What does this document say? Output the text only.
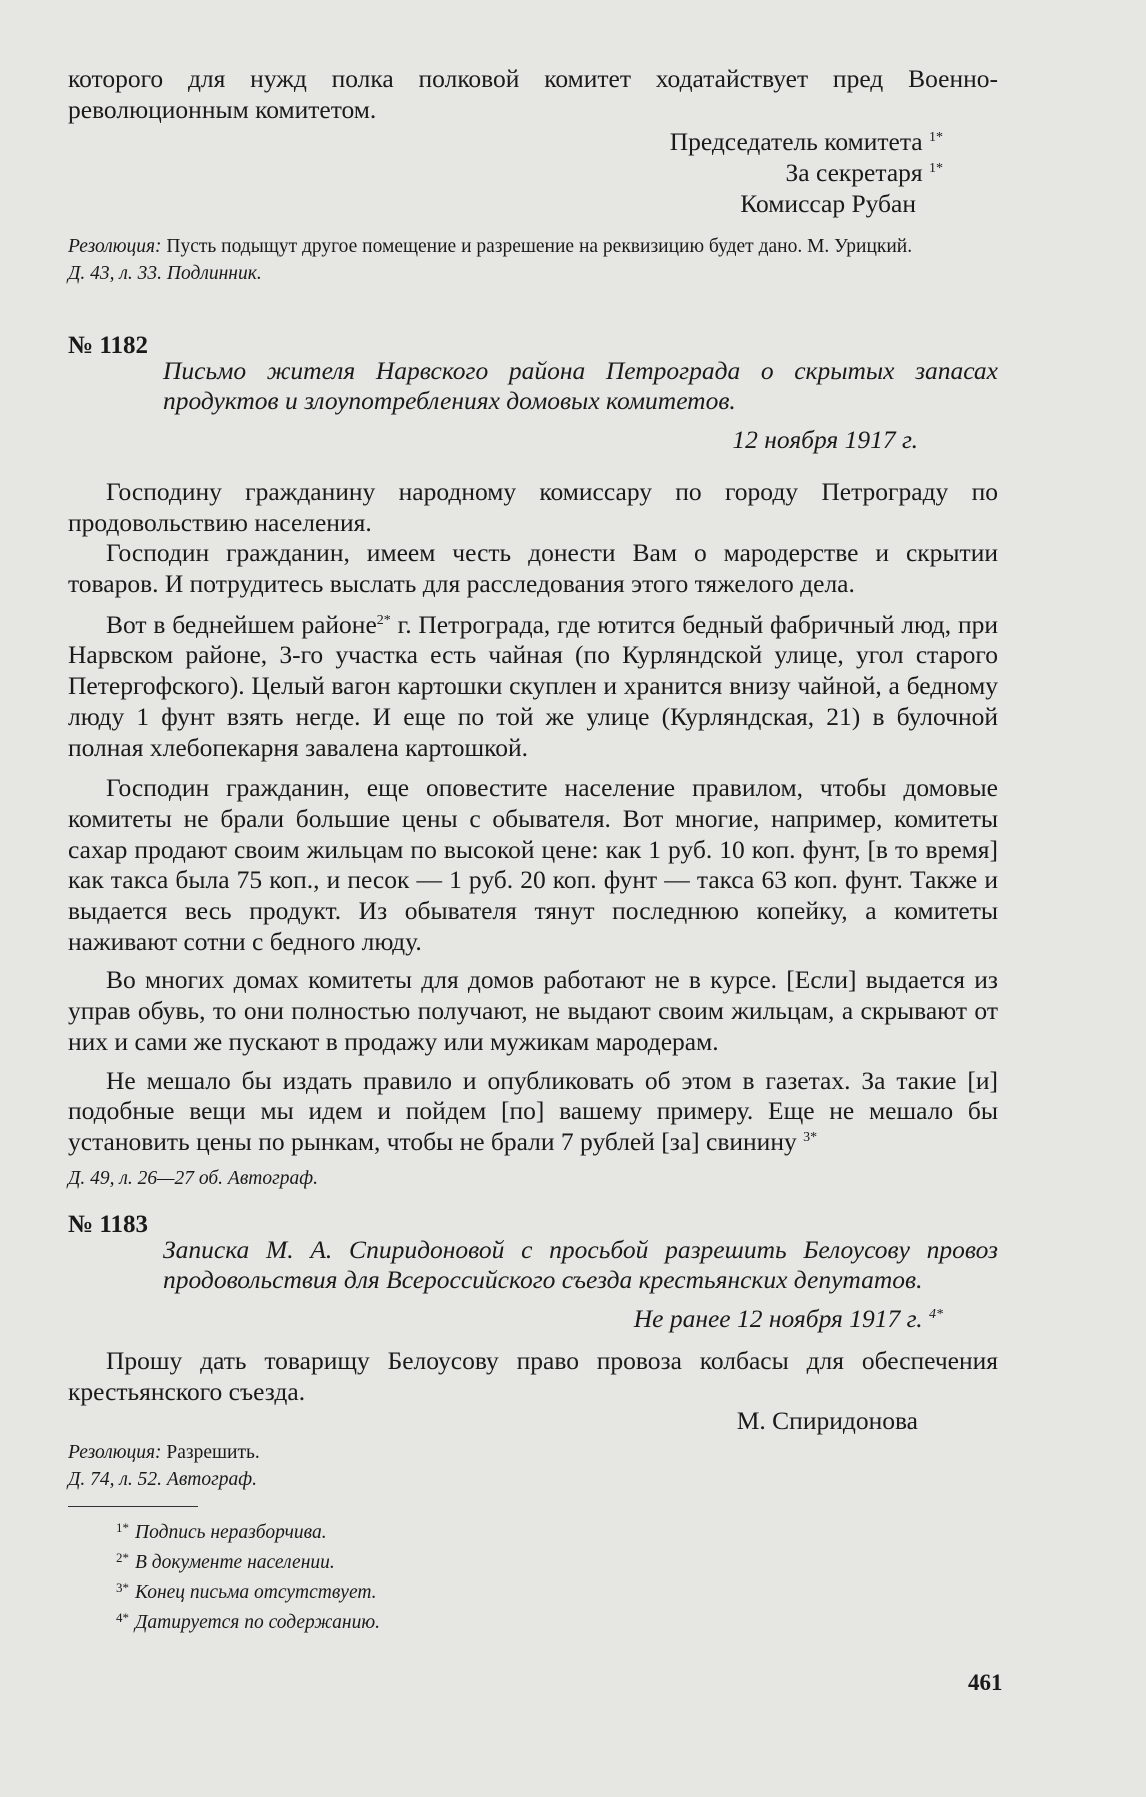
которого для нужд полка полковой комитет ходатайствует пред Военно-революционным комитетом.

Председатель комитета $^{1*}$

За секретаря $^{1*}$

Комиссар Рубан

Резолюция: Пусть подыщут другое помещение и разрешение на реквизицию будет дано. М. Урицкий.

Д. 43, л. 33. Подлинник.

№ 1182

Письмо жителя Нарвского района Петрограда о скрытых запасах продуктов и злоупотреблениях домовых комитетов.

12 ноября 1917 г.

Господину гражданину народному комиссару по городу Петрограду по продовольствию населения.

Господин гражданин, имеем честь донести Вам о мародерстве и скрытии товаров. И потрудитесь выслать для расследования этого тяжелого дела.

Вот в беднейшем районе$^{2*}$ г. Петрограда, где ютится бедный фабричный люд, при Нарвском районе, 3-го участка есть чайная (по Курляндской улице, угол старого Петергофского). Целый вагон картошки скуплен и хранится внизу чайной, а бедному люду 1 фунт взять негде. И еще по той же улице (Курляндская, 21) в булочной полная хлебопекарня завалена картошкой.

Господин гражданин, еще оповестите население правилом, чтобы домовые комитеты не брали большие цены с обывателя. Вот многие, например, комитеты сахар продают своим жильцам по высокой цене: как 1 руб. 10 коп. фунт, [в то время] как такса была 75 коп., и песок — 1 руб. 20 коп. фунт — такса 63 коп. фунт. Также и выдается весь продукт. Из обывателя тянут последнюю копейку, а комитеты наживают сотни с бедного люду.

Во многих домах комитеты для домов работают не в курсе. [Если] выдается из управ обувь, то они полностью получают, не выдают своим жильцам, а скрывают от них и сами же пускают в продажу или мужикам мародерам.

Не мешало бы издать правило и опубликовать об этом в газетах. За такие [и] подобные вещи мы идем и пойдем [по] вашему примеру. Еще не мешало бы установить цены по рынкам, чтобы не брали 7 рублей [за] свинину $^{3*}$

Д. 49, л. 26—27 об. Автограф.

№ 1183

Записка М. А. Спиридоновой с просьбой разрешить Белоусову провоз продовольствия для Всероссийского съезда крестьянских депутатов.

Не ранее 12 ноября 1917 г. $^{4*}$

Прошу дать товарищу Белоусову право провоза колбасы для обеспечения крестьянского съезда.

М. Спиридонова

Резолюция: Разрешить.

Д. 74, л. 52. Автограф.

$^{1*}$ Подпись неразборчива.

$^{2*}$ В документе населении.

$^{3*}$ Конец письма отсутствует.

$^{4*}$ Датируется по содержанию.

461
